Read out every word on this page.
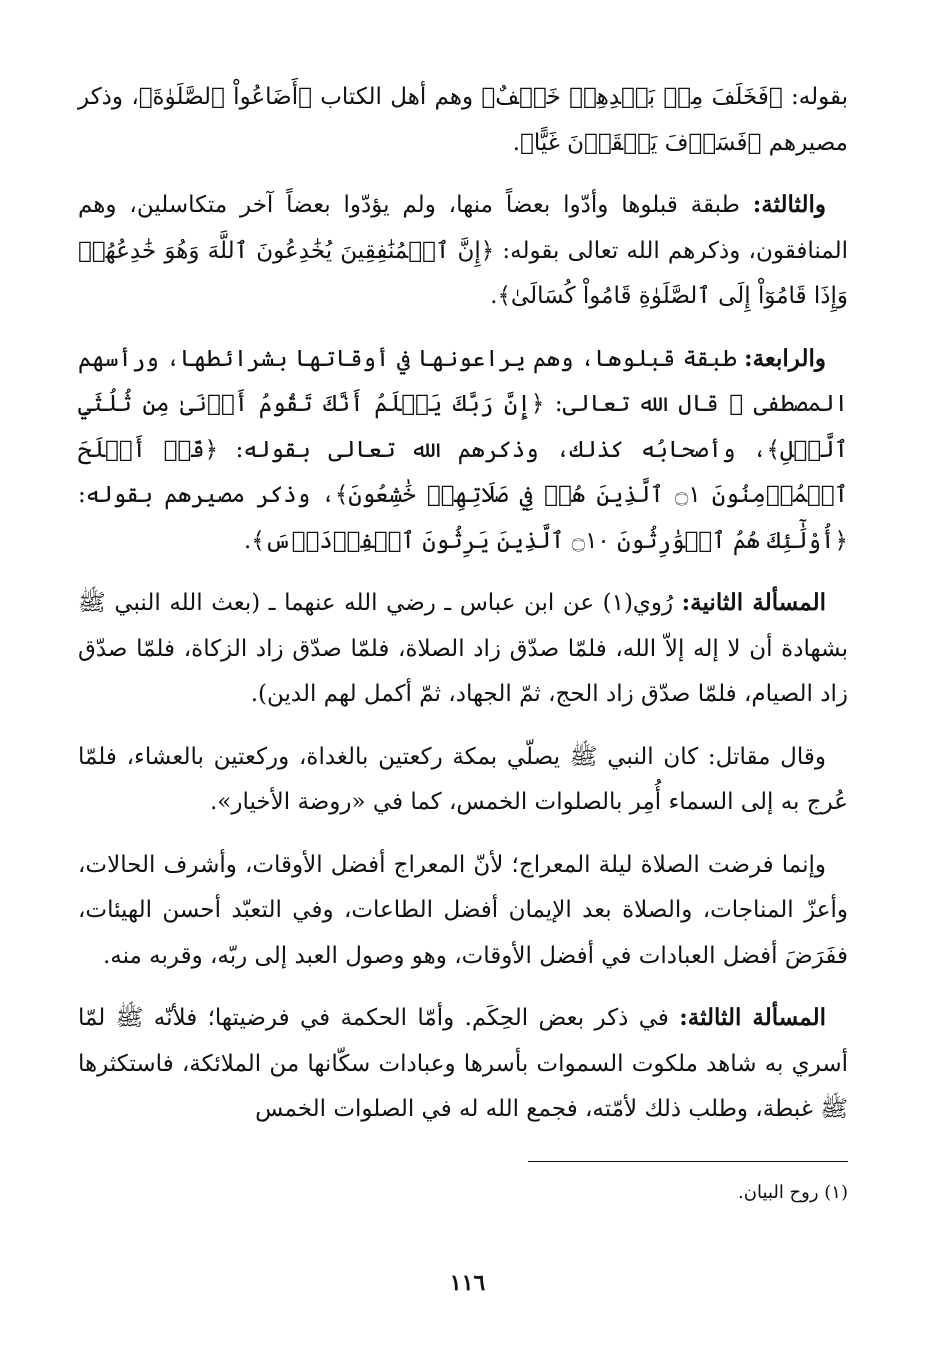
بقوله: ﴿فَخَلَفَ مِنۢ بَعۡدِهِمۡ خَلۡفٌ﴾ وهم أهل الكتاب ﴿أَضَاعُواْ ٱلصَّلَوٰةَ﴾، وذكر مصيرهم ﴿فَسَوۡفَ يَلۡقَوۡنَ غَيًّا﴾.

والثالثة: طبقة قبلوها وأدّوا بعضاً منها، ولم يؤدّوا بعضاً آخر متكاسلين، وهم المنافقون، وذكرهم الله تعالى بقوله: ﴿إِنَّ ٱلۡمُنَٰفِقِينَ يُخَٰدِعُونَ ٱللَّهَ وَهُوَ خَٰدِعُهُمۡ وَإِذَا قَامُوٓاْ إِلَى ٱلصَّلَوٰةِ قَامُواْ كُسَالَىٰ﴾.

والرابعة: طبقة قبلوها، وهم يراعونها في أوقاتها بشرائطها، ورأسهم المصطفى ﷺ قال الله تعالى: ﴿إِنَّ رَبَّكَ يَعۡلَمُ أَنَّكَ تَقُومُ أَدۡنَىٰ مِن ثُلُثَيِ ٱلَّيۡلِ﴾، وأصحابُه كذلك، وذكرهم الله تعالى بقوله: ﴿قَدۡ أَفۡلَحَ ٱلۡمُؤۡمِنُونَ ۝١ ٱلَّذِينَ هُمۡ فِي صَلَاتِهِمۡ خَٰشِعُونَ﴾، وذكر مصيرهم بقوله: ﴿أُوْلَٰٓئِكَ هُمُ ٱلۡوَٰرِثُونَ ۝١٠ ٱلَّذِينَ يَرِثُونَ ٱلۡفِرۡدَوۡسَ﴾.

المسألة الثانية: رُوي(١) عن ابن عباس ـ رضي الله عنهما ـ (بعث الله النبي ﷺ بشهادة أن لا إله إلاّ الله، فلمّا صدّق زاد الصلاة، فلمّا صدّق زاد الزكاة، فلمّا صدّق زاد الصيام، فلمّا صدّق زاد الحج، ثمّ الجهاد، ثمّ أكمل لهم الدين).

وقال مقاتل: كان النبي ﷺ يصلّي بمكة ركعتين بالغداة، وركعتين بالعشاء، فلمّا عُرج به إلى السماء أُمِر بالصلوات الخمس، كما في «روضة الأخيار».

وإنما فرضت الصلاة ليلة المعراج؛ لأنّ المعراج أفضل الأوقات، وأشرف الحالات، وأعزّ المناجات، والصلاة بعد الإيمان أفضل الطاعات، وفي التعبّد أحسن الهيئات، ففَرَضَ أفضل العبادات في أفضل الأوقات، وهو وصول العبد إلى ربّه، وقربه منه.

المسألة الثالثة: في ذكر بعض الحِكَم. وأمّا الحكمة في فرضيتها؛ فلأنّه ﷺ لمّا أسري به شاهد ملكوت السموات بأسرها وعبادات سكّانها من الملائكة، فاستكثرها ﷺ غبطة، وطلب ذلك لأمّته، فجمع الله له في الصلوات الخمس

(١) روح البيان.
١١٦
